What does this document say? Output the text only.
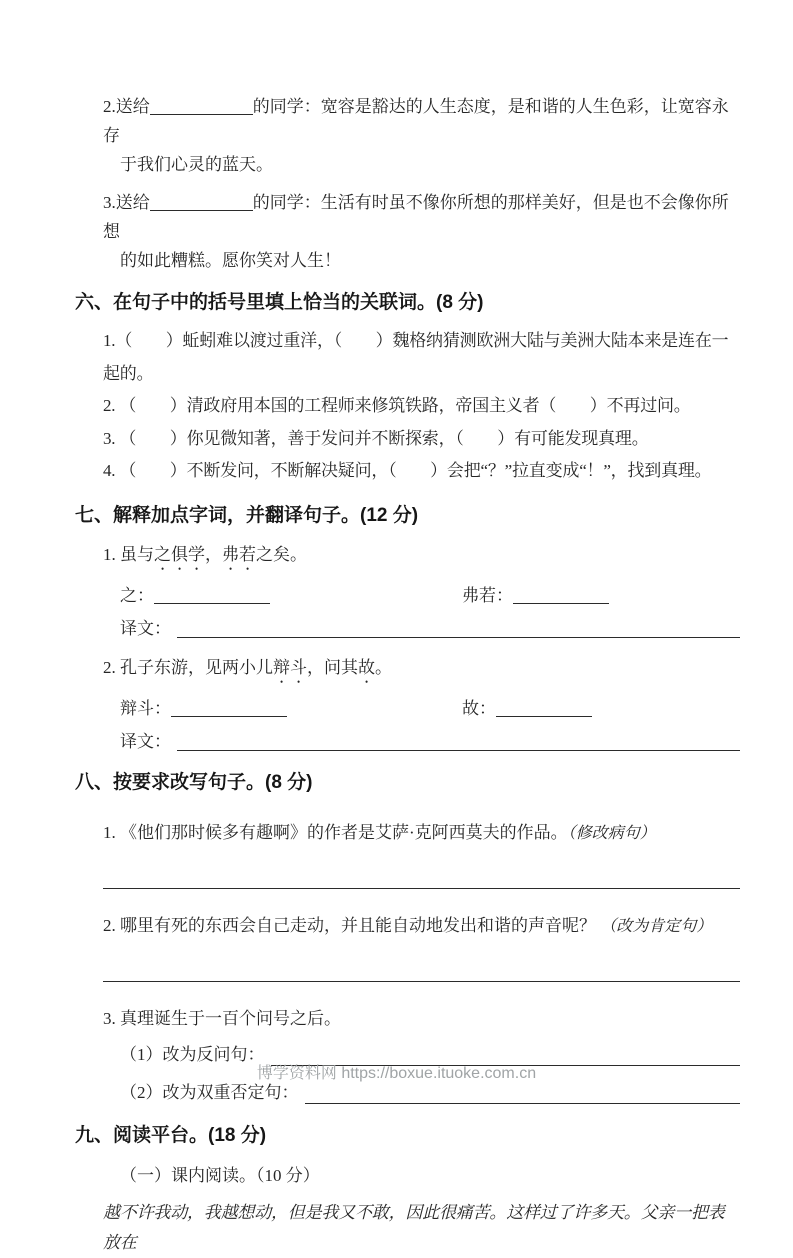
2.送给	的同学：宽容是豁达的人生态度，是和谐的人生色彩，让宽容永存
于我们心灵的蓝天。
3.送给	的同学：生活有时虽不像你所想的那样美好，但是也不会像你所想
的如此糟糕。愿你笑对人生！
六、在句子中的括号里填上恰当的关联词。(8 分)
1.（　　）蚯蚓难以渡过重洋，（　　）魏格纳猜测欧洲大陆与美洲大陆本来是连在一起的。
2. （　　）清政府用本国的工程师来修筑铁路，帝国主义者（　　）不再过问。
3. （　　）你见微知著，善于发问并不断探索，（　　）有可能发现真理。
4. （　　）不断发问，不断解决疑问，（　　）会把“？”拉直变成“！”，找到真理。
七、解释加点字词，并翻译句子。(12 分)
1. 虽与之俱学，弗若之矣。
之：	弗若：
译文：
2. 孔子东游，见两小儿辩斗，问其故。
辩斗：	故：
译文：
八、按要求改写句子。(8 分)
1. 《他们那时候多有趣啊》的作者是艾萨·克阿西莫夫的作品。（修改病句）
2. 哪里有死的东西会自己走动，并且能自动地发出和谐的声音呢？ （改为肯定句）
3. 真理诞生于一百个问号之后。
（1）改为反问句：
（2）改为双重否定句：
九、阅读平台。(18 分)
（一）课内阅读。（10 分）
越不许我动，我越想动，但是我又不敢，因此很痛苦。这样过了许多天。父亲一把表放在
博学资料网 https://boxue.ituoke.com.cn
